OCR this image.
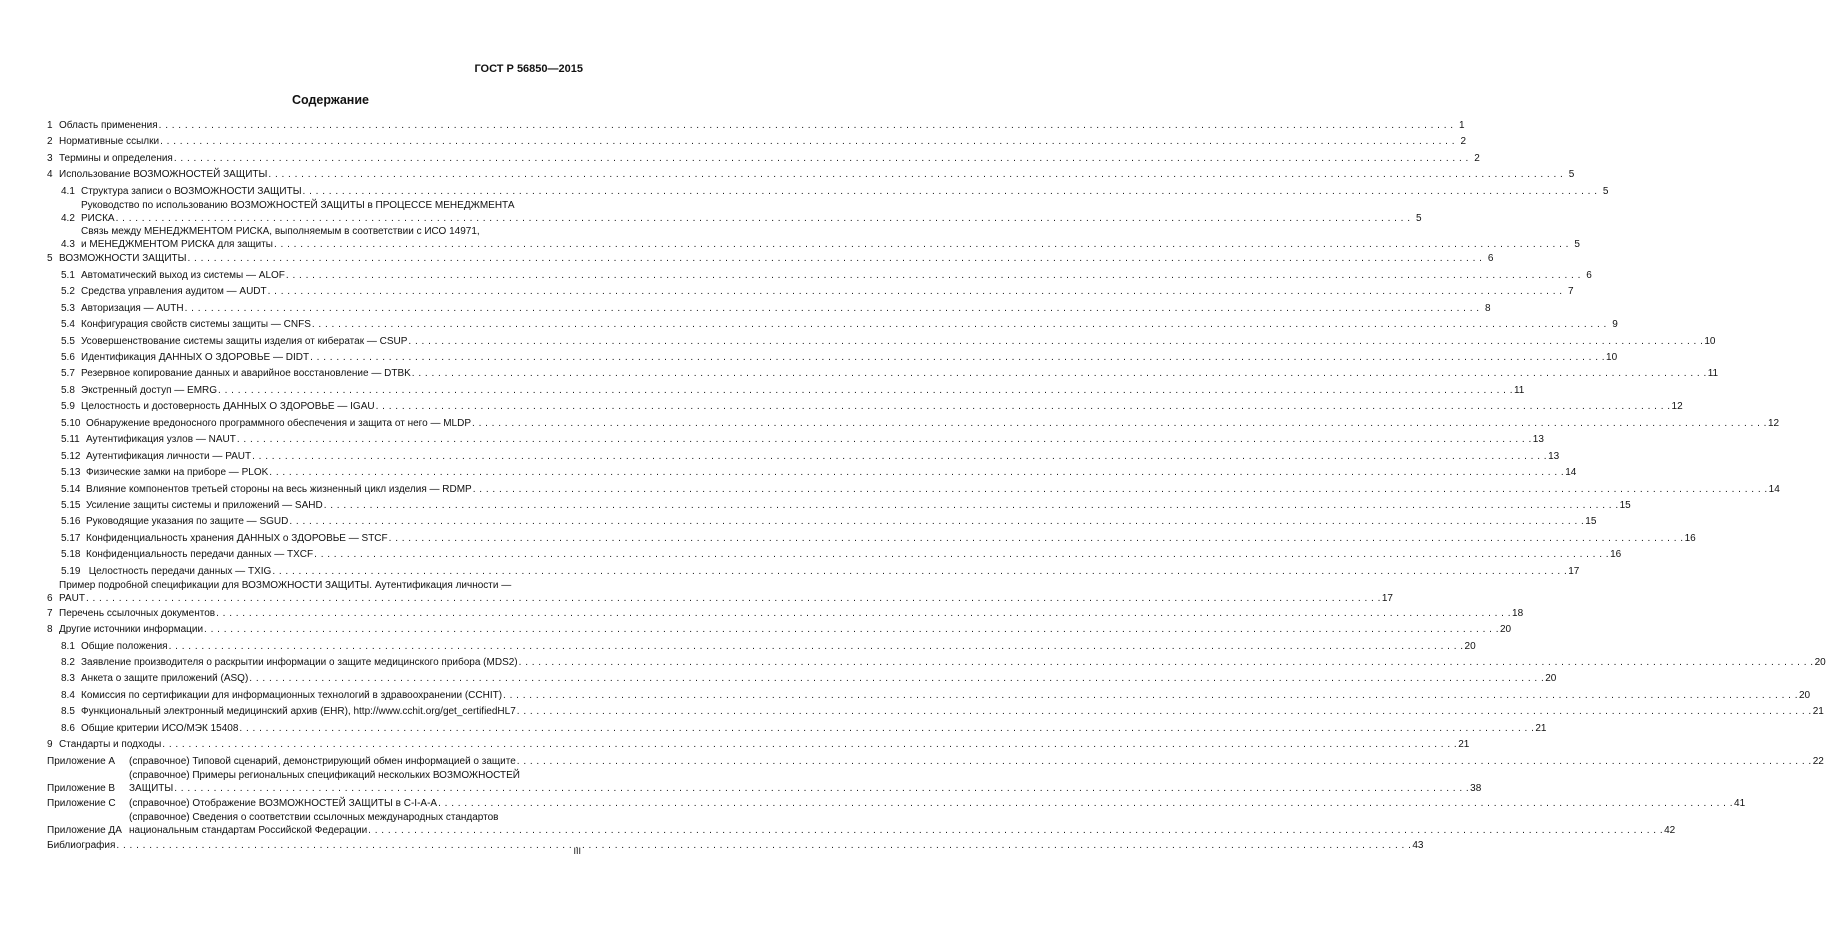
ГОСТ Р 56850—2015
Содержание
1 Область применения . . .	1
2 Нормативные ссылки . . .	2
3 Термины и определения . . .	2
4 Использование ВОЗМОЖНОСТЕЙ ЗАЩИТЫ . . .	5
4.1 Структура записи о ВОЗМОЖНОСТИ ЗАЩИТЫ . . .	5
4.2
Руководство по использованию ВОЗМОЖНОСТЕЙ ЗАЩИТЫ в ПРОЦЕССЕ МЕНЕДЖМЕНТА
РИСКА . . .	5
4.3
Связь между МЕНЕДЖМЕНТОМ РИСКА, выполняемым в соответствии с ИСО 14971,
и МЕНЕДЖМЕНТОМ РИСКА для защиты . . .	5
5 ВОЗМОЖНОСТИ ЗАЩИТЫ . . .	6
5.1 Автоматический выход из системы — ALOF . . .	6
5.2 Средства управления аудитом — AUDT . . .	7
5.3 Авторизация — AUTH . . .	8
5.4 Конфигурация свойств системы защиты — CNFS . . .	9
5.5 Усовершенствование системы защиты изделия от кибератак — CSUP . . .	10
5.6 Идентификация ДАННЫХ О ЗДОРОВЬЕ — DIDT . . .	10
5.7 Резервное копирование данных и аварийное восстановление — DTBK . . .	11
5.8 Экстренный доступ — EMRG . . .	11
5.9 Целостность и достоверность ДАННЫХ О ЗДОРОВЬЕ — IGAU . . .	12
5.10 Обнаружение вредоносного программного обеспечения и защита от него — MLDP . . .	12
5.11 Аутентификация узлов — NAUT . . .	13
5.12 Аутентификация личности — PAUT . . .	13
5.13 Физические замки на приборе — PLOK . . .	14
5.14 Влияние компонентов третьей стороны на весь жизненный цикл изделия — RDMP . . .	14
5.15 Усиление защиты системы и приложений — SAHD . . .	15
5.16 Руководящие указания по защите — SGUD . . .	15
5.17 Конфиденциальность хранения ДАННЫХ о ЗДОРОВЬЕ — STCF . . .	16
5.18 Конфиденциальность передачи данных — TXCF . . .	16
5.19 Целостность передачи данных — TXIG . . .	17
6
Пример подробной спецификации для ВОЗМОЖНОСТИ ЗАЩИТЫ. Аутентификация личности —
PAUT . . .	17
7 Перечень ссылочных документов . . .	18
8 Другие источники информации . . .	20
8.1 Общие положения . . .	20
8.2 Заявление производителя о раскрытии информации о защите медицинского прибора (MDS2) . . .	20
8.3 Анкета о защите приложений (ASQ) . . .	20
8.4 Комиссия по сертификации для информационных технологий в здравоохранении (CCHIT) . . .	20
8.5 Функциональный электронный медицинский архив (EHR), http://www.cchit.org/get_certifiedHL7 . . .	21
8.6 Общие критерии ИСО/МЭК 15408 . . .	21
9 Стандарты и подходы . . .	21
Приложение А	(справочное) Типовой сценарий, демонстрирующий обмен информацией о защите . . .	22
Приложение В
(справочное) Примеры региональных спецификаций нескольких ВОЗМОЖНОСТЕЙ
ЗАЩИТЫ . . .	38
Приложение С	(справочное) Отображение ВОЗМОЖНОСТЕЙ ЗАЩИТЫ в C-I-A-A . . .	41
Приложение ДА
(справочное) Сведения о соответствии ссылочных международных стандартов
национальным стандартам Российской Федерации . . .	42
Библиография . . .	43
III
